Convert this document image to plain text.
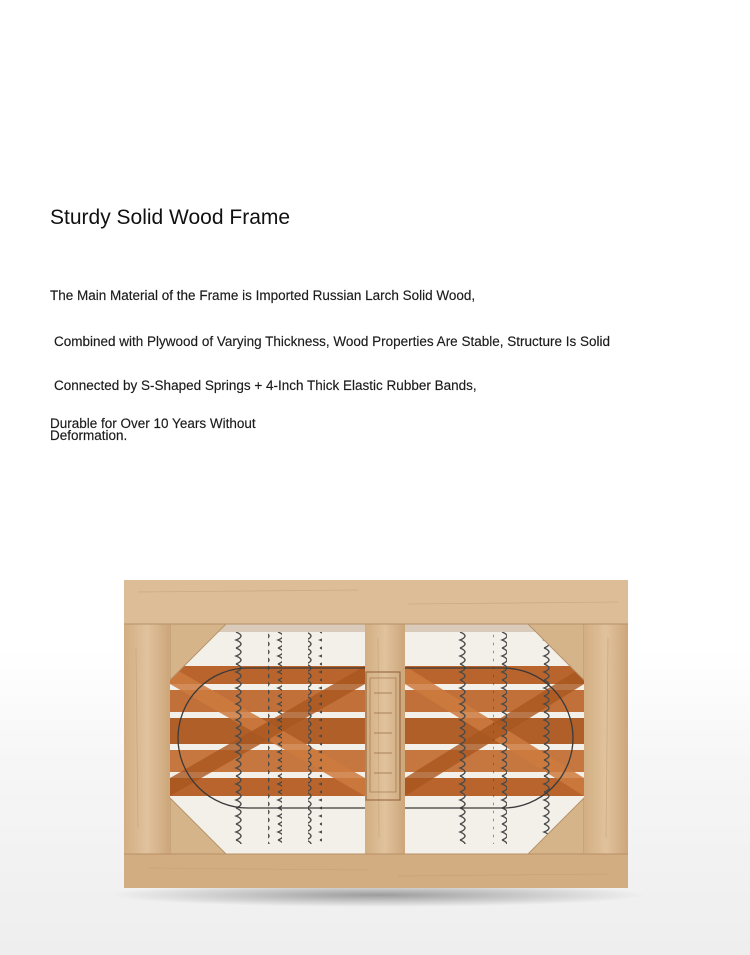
Sturdy Solid Wood Frame
The Main Material of the Frame is Imported Russian Larch Solid Wood,
Combined with Plywood of Varying Thickness, Wood Properties Are Stable, Structure Is Solid
Connected by S-Shaped Springs + 4-Inch Thick Elastic Rubber Bands,
Durable for Over 10 Years Without Deformation.
